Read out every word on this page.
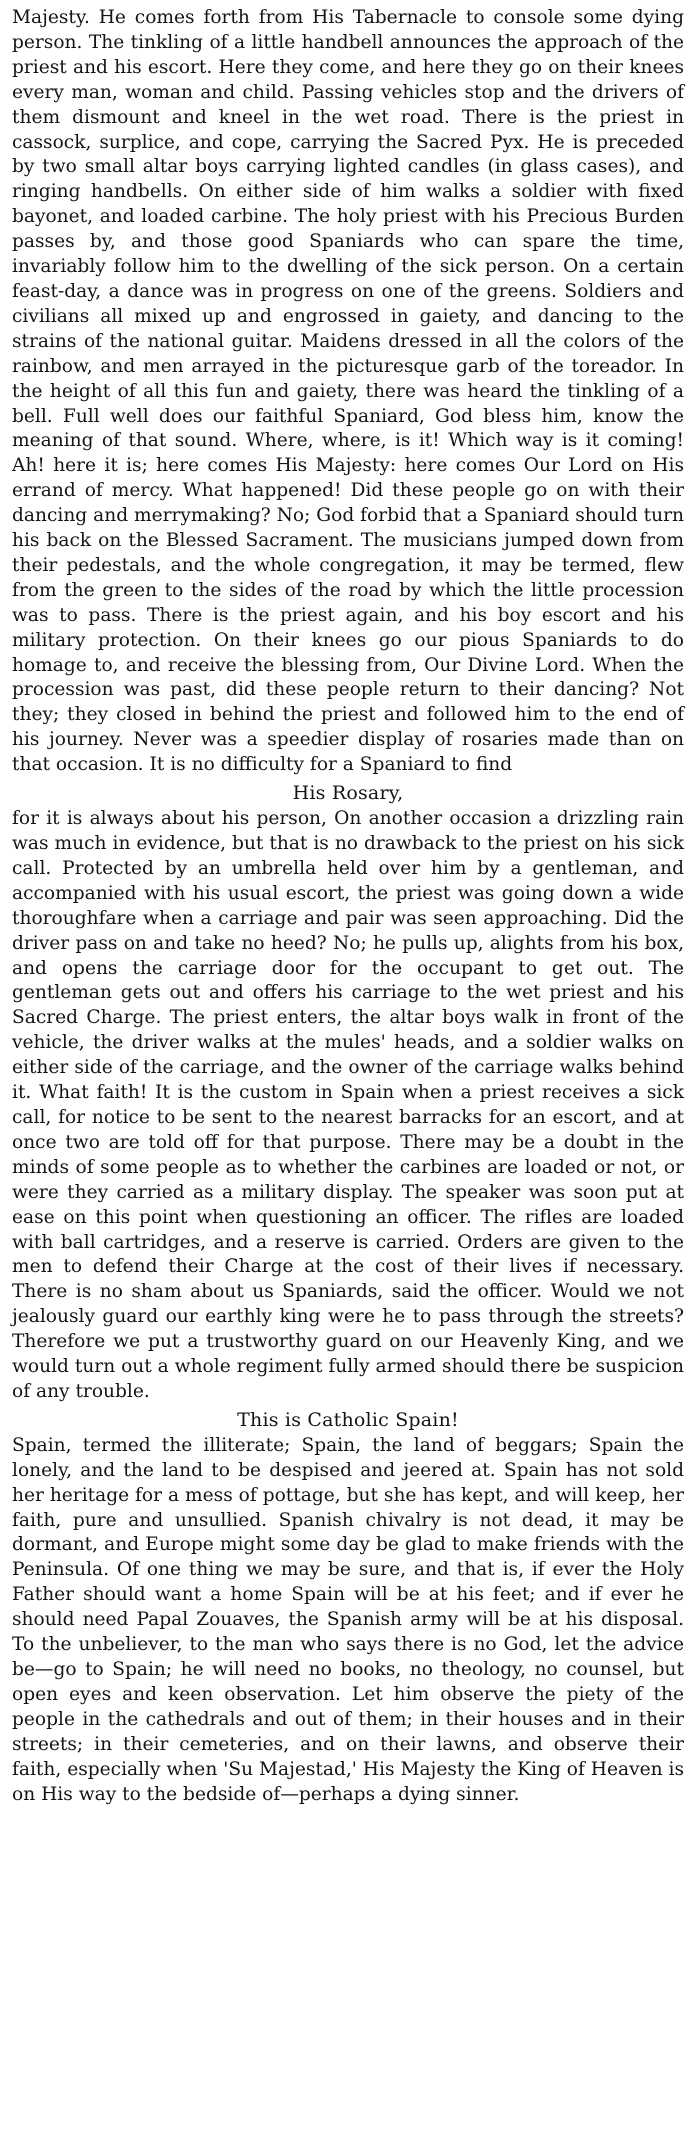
Majesty. He comes forth from His Tabernacle to console some dying person. The tinkling of a little handbell announces the approach of the priest and his escort. Here they come, and here they go on their knees every man, woman and child. Passing vehicles stop and the drivers of them dismount and kneel in the wet road. There is the priest in cassock, surplice, and cope, carrying the Sacred Pyx. He is preceded by two small altar boys carrying lighted candles (in glass cases), and ringing handbells. On either side of him walks a soldier with fixed bayonet, and loaded carbine. The holy priest with his Precious Burden passes by, and those good Spaniards who can spare the time, invariably follow him to the dwelling of the sick person. On a certain feast-day, a dance was in progress on one of the greens. Soldiers and civilians all mixed up and engrossed in gaiety, and dancing to the strains of the national guitar. Maidens dressed in all the colors of the rainbow, and men arrayed in the picturesque garb of the toreador. In the height of all this fun and gaiety, there was heard the tinkling of a bell. Full well does our faithful Spaniard, God bless him, know the meaning of that sound. Where, where, is it! Which way is it coming! Ah! here it is; here comes His Majesty: here comes Our Lord on His errand of mercy. What happened! Did these people go on with their dancing and merrymaking? No; God forbid that a Spaniard should turn his back on the Blessed Sacrament. The musicians jumped down from their pedestals, and the whole congregation, it may be termed, flew from the green to the sides of the road by which the little procession was to pass. There is the priest again, and his boy escort and his military protection. On their knees go our pious Spaniards to do homage to, and receive the blessing from, Our Divine Lord. When the procession was past, did these people return to their dancing? Not they; they closed in behind the priest and followed him to the end of his journey. Never was a speedier display of rosaries made than on that occasion. It is no difficulty for a Spaniard to find

His Rosary,

for it is always about his person, On another occasion a drizzling rain was much in evidence, but that is no drawback to the priest on his sick call. Protected by an umbrella held over him by a gentleman, and accompanied with his usual escort, the priest was going down a wide thoroughfare when a carriage and pair was seen approaching. Did the driver pass on and take no heed? No; he pulls up, alights from his box, and opens the carriage door for the occupant to get out. The gentleman gets out and offers his carriage to the wet priest and his Sacred Charge. The priest enters, the altar boys walk in front of the vehicle, the driver walks at the mules' heads, and a soldier walks on either side of the carriage, and the owner of the carriage walks behind it. What faith! It is the custom in Spain when a priest receives a sick call, for notice to be sent to the nearest barracks for an escort, and at once two are told off for that purpose. There may be a doubt in the minds of some people as to whether the carbines are loaded or not, or were they carried as a military display. The speaker was soon put at ease on this point when questioning an officer. The rifles are loaded with ball cartridges, and a reserve is carried. Orders are given to the men to defend their Charge at the cost of their lives if necessary. There is no sham about us Spaniards, said the officer. Would we not jealously guard our earthly king were he to pass through the streets? Therefore we put a trustworthy guard on our Heavenly King, and we would turn out a whole regiment fully armed should there be suspicion of any trouble.

This is Catholic Spain!

Spain, termed the illiterate; Spain, the land of beggars; Spain the lonely, and the land to be despised and jeered at. Spain has not sold her heritage for a mess of pottage, but she has kept, and will keep, her faith, pure and unsullied. Spanish chivalry is not dead, it may be dormant, and Europe might some day be glad to make friends with the Peninsula. Of one thing we may be sure, and that is, if ever the Holy Father should want a home Spain will be at his feet; and if ever he should need Papal Zouaves, the Spanish army will be at his disposal. To the unbeliever, to the man who says there is no God, let the advice be—go to Spain; he will need no books, no theology, no counsel, but open eyes and keen observation. Let him observe the piety of the people in the cathedrals and out of them; in their houses and in their streets; in their cemeteries, and on their lawns, and observe their faith, especially when 'Su Majestad,' His Majesty the King of Heaven is on His way to the bedside of—perhaps a dying sinner.
